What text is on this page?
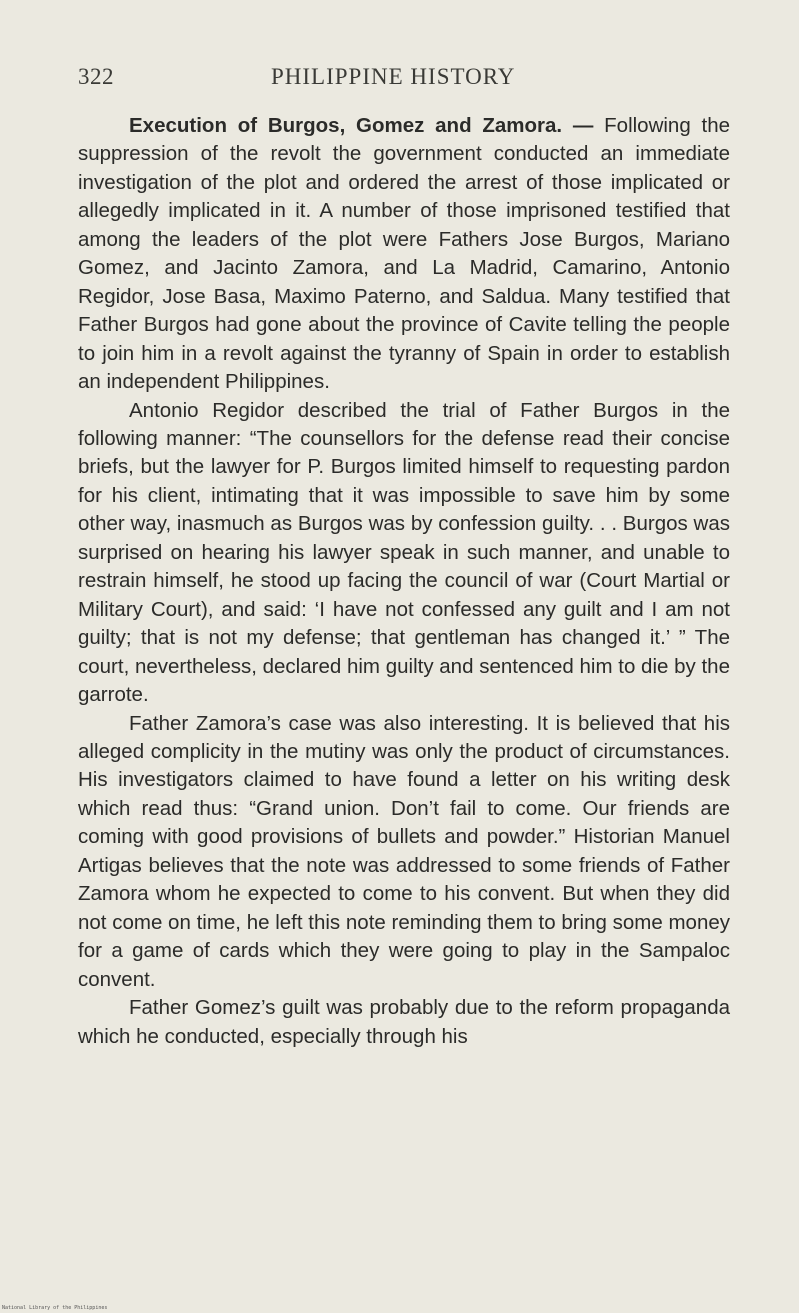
322	PHILIPPINE HISTORY

Execution of Burgos, Gomez and Zamora. — Following the suppression of the revolt the government conducted an immediate investigation of the plot and ordered the arrest of those implicated or allegedly implicated in it. A number of those imprisoned testified that among the leaders of the plot were Fathers Jose Burgos, Mariano Gomez, and Jacinto Zamora, and La Madrid, Camarino, Antonio Regidor, Jose Basa, Maximo Paterno, and Saldua. Many testified that Father Burgos had gone about the province of Cavite telling the people to join him in a revolt against the tyranny of Spain in order to establish an independent Philippines.

Antonio Regidor described the trial of Father Burgos in the following manner: “The counsellors for the defense read their concise briefs, but the lawyer for P. Burgos limited himself to requesting pardon for his client, intimating that it was impossible to save him by some other way, inasmuch as Burgos was by confession guilty. . . Burgos was surprised on hearing his lawyer speak in such manner, and unable to restrain himself, he stood up facing the council of war (Court Martial or Military Court), and said: ‘I have not confessed any guilt and I am not guilty; that is not my defense; that gentleman has changed it.’ ” The court, nevertheless, declared him guilty and sentenced him to die by the garrote.

Father Zamora’s case was also interesting. It is believed that his alleged complicity in the mutiny was only the product of circumstances. His investigators claimed to have found a letter on his writing desk which read thus: “Grand union. Don’t fail to come. Our friends are coming with good provisions of bullets and powder.” Historian Manuel Artigas believes that the note was addressed to some friends of Father Zamora whom he expected to come to his convent. But when they did not come on time, he left this note reminding them to bring some money for a game of cards which they were going to play in the Sampaloc convent.

Father Gomez’s guilt was probably due to the reform propaganda which he conducted, especially through his

National Library of the Philippines
